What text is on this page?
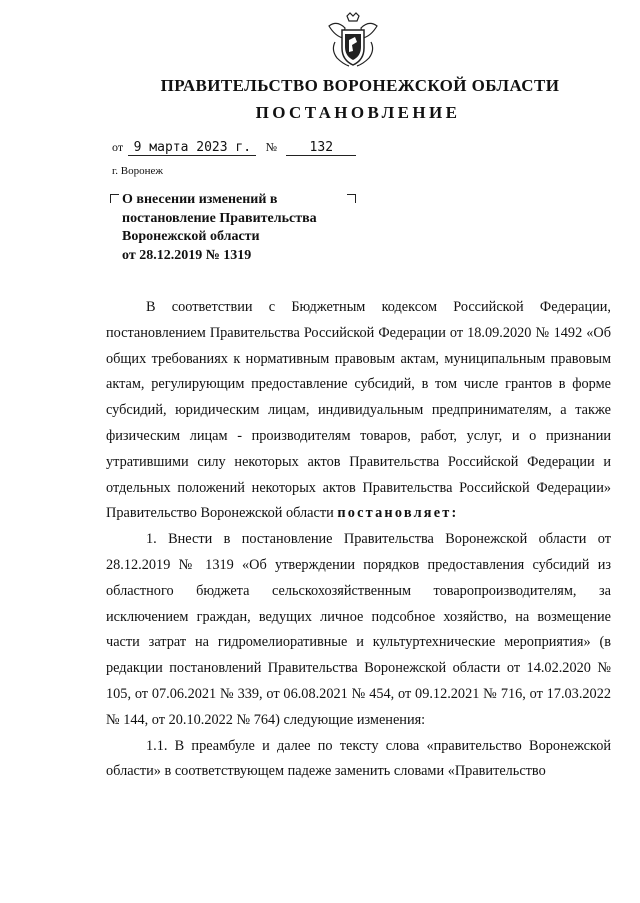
ПРАВИТЕЛЬСТВО ВОРОНЕЖСКОЙ ОБЛАСТИ
ПОСТАНОВЛЕНИЕ
от 9 марта 2023 г. №	132
г. Воронеж
О внесении изменений в
постановление Правительства
Воронежской области
от 28.12.2019 № 1319

В соответствии с Бюджетным кодексом Российской Федерации, постановлением Правительства Российской Федерации от 18.09.2020 № 1492 «Об общих требованиях к нормативным правовым актам, муниципальным правовым актам, регулирующим предоставление субсидий, в том числе грантов в форме субсидий, юридическим лицам, индивидуальным предпринимателям, а также физическим лицам - производителям товаров, работ, услуг, и о признании утратившими силу некоторых актов Правительства Российской Федерации и отдельных положений некоторых актов Правительства Российской Федерации» Правительство Воронежской области постановляет:

1. Внести в постановление Правительства Воронежской области от 28.12.2019 № 1319 «Об утверждении порядков предоставления субсидий из областного бюджета сельскохозяйственным товаропроизводителям, за исключением граждан, ведущих личное подсобное хозяйство, на возмещение части затрат на гидромелиоративные и культуртехнические мероприятия» (в редакции постановлений Правительства Воронежской области от 14.02.2020 № 105, от 07.06.2021 № 339, от 06.08.2021 № 454, от 09.12.2021 № 716, от 17.03.2022 № 144, от 20.10.2022 № 764) следующие изменения:

1.1. В преамбуле и далее по тексту слова «правительство Воронежской области» в соответствующем падеже заменить словами «Правительство
